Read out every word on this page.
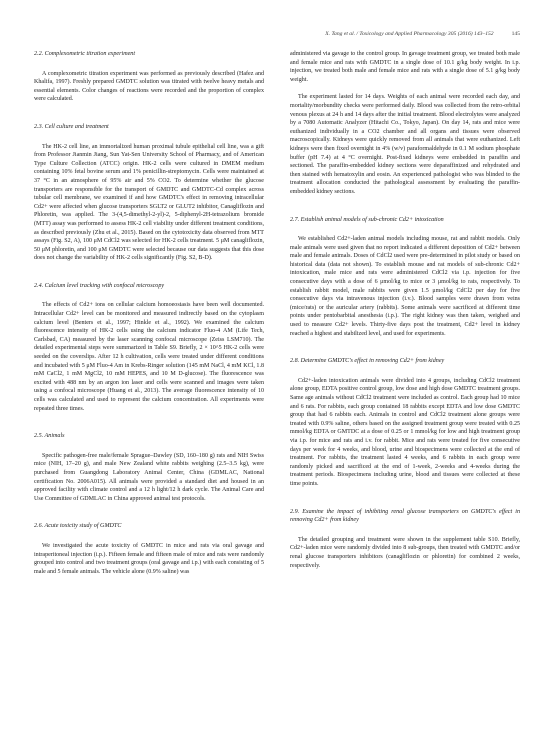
X. Tang et al. / Toxicology and Applied Pharmacology 305 (2016) 143–152	145
2.2. Complexometric titration experiment

A complexometric titration experiment was performed as previously described (Hafez and Khalifa, 1997). Freshly prepared GMDTC solution was titrated with twelve heavy metals and essential elements. Color changes of reactions were recorded and the proportion of complex were calculated.

2.3. Cell culture and treatment

The HK-2 cell line, an immortalized human proximal tubule epithelial cell line, was a gift from Professor Jianmin Jiang, Sun Yat-Sen University School of Pharmacy, and of American Type Culture Collection (ATCC) origin. HK-2 cells were cultured in DMEM medium containing 10% fetal bovine serum and 1% penicillin-streptomycin. Cells were maintained at 37 °C in an atmosphere of 95% air and 5% CO2. To determine whether the glucose transporters are responsible for the transport of GMDTC and GMDTC-Cd complex across tubular cell membrane, we examined if and how GMDTC's effect in removing intracellular Cd2+ were affected when glucose transporters SGLT2 or GLUT2 inhibitor, Canagliflozin and Phloretin, was applied. The 3-(4,5-dimethyl-2-yl)-2, 5-diphenyl-2H-tetrazolium bromide (MTT) assay was performed to assess HK-2 cell viability under different treatment conditions, as described previously (Zhu et al., 2015). Based on the cytotoxicity data observed from MTT assays (Fig. S2, A), 100 μM CdCl2 was selected for HK-2 cells treatment. 5 μM canagliflozin, 50 μM phloretin, and 100 μM GMDTC were selected because our data suggests that this dose does not change the variability of HK-2 cells significantly (Fig. S2, B-D).

2.4. Calcium level tracking with confocal microscopy

The effects of Cd2+ ions on cellular calcium homoeostasis have been well documented. Intracellular Cd2+ level can be monitored and measured indirectly based on the cytoplasm calcium level (Benters et al., 1997; Hinkle et al., 1992). We examined the calcium fluorescence intensity of HK-2 cells using the calcium indicator Fluo-4 AM (Life Tech, Carlsbad, CA) measured by the laser scanning confocal microscope (Zeiss LSM710). The detailed experimental steps were summarized in Table S9. Briefly, 2 × 10^5 HK-2 cells were seeded on the coverslips. After 12 h cultivation, cells were treated under different conditions and incubated with 5 μM Fluo-4 Am in Krebs-Ringer solution (145 mM NaCl, 4 mM KCl, 1.8 mM CaCl2, 1 mM MgCl2, 10 mM HEPES, and 10 M D-glucose). The fluorescence was excited with 488 nm by an argon ion laser and cells were scanned and images were taken using a confocal microscope (Huang et al., 2013). The average fluorescence intensity of 10 cells was calculated and used to represent the calcium concentration. All experiments were repeated three times.

2.5. Animals

Specific pathogen-free male/female Sprague–Dawley (SD, 160–180 g) rats and NIH Swiss mice (NIH, 17–20 g), and male New Zealand white rabbits weighing (2.5–3.5 kg), were purchased from Guangdong Laboratory Animal Center, China (GDMLAC, National certification No. 2006A015). All animals were provided a standard diet and housed in an approved facility with climate control and a 12 h light/12 h dark cycle. The Animal Care and Use Committee of GDMLAC in China approved animal test protocols.

2.6. Acute toxicity study of GMDTC

We investigated the acute toxicity of GMDTC in mice and rats via oral gavage and intraperitoneal injection (i.p.). Fifteen female and fifteen male of mice and rats were randomly grouped into control and two treatment groups (oral gavage and i.p.) with each consisting of 5 male and 5 female animals. The vehicle alone (0.9% saline) was

administered via gavage to the control group. In gavage treatment group, we treated both male and female mice and rats with GMDTC in a single dose of 10.1 g/kg body weight. In i.p. injection, we treated both male and female mice and rats with a single dose of 5.1 g/kg body weight.

The experiment lasted for 14 days. Weights of each animal were recorded each day, and mortality/morbundity checks were performed daily. Blood was collected from the retro-orbital venous plexus at 24 h and 14 days after the initial treatment. Blood electrolytes were analyzed by a 7080 Automatic Analyzer (Hitachi Co., Tokyo, Japan). On day 14, rats and mice were euthanized individually in a CO2 chamber and all organs and tissues were observed macroscopically. Kidneys were quickly removed from all animals that were euthanized. Left kidneys were then fixed overnight in 4% (w/v) paraformaldehyde in 0.1 M sodium phosphate buffer (pH 7.4) at 4 °C overnight. Post-fixed kidneys were embedded in paraffin and sectioned. The paraffin-embedded kidney sections were deparaffinized and rehydrated and then stained with hematoxylin and eosin. An experienced pathologist who was blinded to the treatment allocation conducted the pathological assessment by evaluating the paraffin-embedded kidney sections.

2.7. Establish animal models of sub-chronic Cd2+ intoxication

We established Cd2+-laden animal models including mouse, rat and rabbit models. Only male animals were used given that no report indicated a different deposition of Cd2+ between male and female animals. Doses of CdCl2 used were pre-determined in pilot study or based on historical data (data not shown). To establish mouse and rat models of sub-chronic Cd2+ intoxication, male mice and rats were administered CdCl2 via i.p. injection for five consecutive days with a dose of 6 μmol/kg to mice or 3 μmol/kg to rats, respectively. To establish rabbit model, male rabbits were given 1.5 μmol/kg CdCl2 per day for five consecutive days via intravenous injection (i.v.). Blood samples were drawn from veins (mice/rats) or the auricular artery (rabbits). Some animals were sacrificed at different time points under pentobarbital anesthesia (i.p.). The right kidney was then taken, weighed and used to measure Cd2+ levels. Thirty-five days post the treatment, Cd2+ level in kidney reached a highest and stabilized level, and used for experiments.

2.8. Determine GMDTC's effect in removing Cd2+ from kidney

Cd2+-laden intoxication animals were divided into 4 groups, including CdCl2 treatment alone group, EDTA positive control group, low dose and high dose GMDTC treatment groups. Same age animals without CdCl2 treatment were included as control. Each group had 10 mice and 6 rats. For rabbits, each group contained 18 rabbits except EDTA and low dose GMDTC group that had 6 rabbits each. Animals in control and CdCl2 treatment alone groups were treated with 0.9% saline, others based on the assigned treatment group were treated with 0.25 mmol/kg EDTA or GMTDC at a dose of 0.25 or 1 mmol/kg for low and high treatment group via i.p. for mice and rats and i.v. for rabbit. Mice and rats were treated for five consecutive days per week for 4 weeks, and blood, urine and biospecimens were collected at the end of treatment. For rabbits, the treatment lasted 4 weeks, and 6 rabbits in each group were randomly picked and sacrificed at the end of 1-week, 2-weeks and 4-weeks during the treatment periods. Biospecimens including urine, blood and tissues were collected at these time points.

2.9. Examine the impact of inhibiting renal glucose transporters on GMDTC's effect in removing Cd2+ from kidney

The detailed grouping and treatment were shown in the supplement table S10. Briefly, Cd2+-laden mice were randomly divided into 8 sub-groups, then treated with GMDTC and/or renal glucose transporters inhibitors (canagliflozin or phloretin) for combined 2 weeks, respectively.
